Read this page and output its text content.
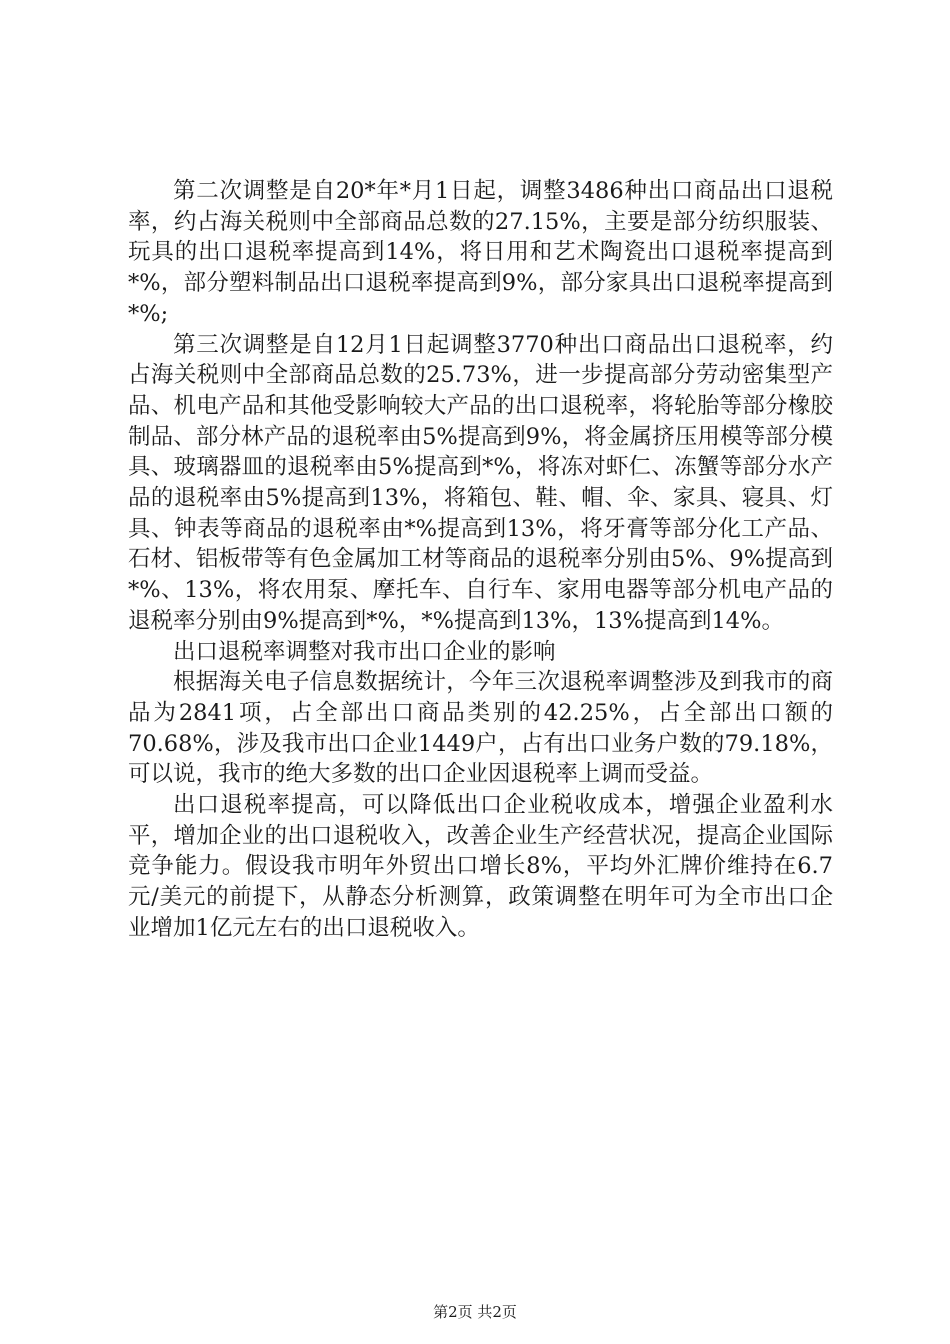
第二次调整是自20*年*月1日起，调整3486种出口商品出口退税率，约占海关税则中全部商品总数的27.15%，主要是部分纺织服装、玩具的出口退税率提高到14%，将日用和艺术陶瓷出口退税率提高到*%，部分塑料制品出口退税率提高到9%，部分家具出口退税率提高到*%;

第三次调整是自12月1日起调整3770种出口商品出口退税率，约占海关税则中全部商品总数的25.73%，进一步提高部分劳动密集型产品、机电产品和其他受影响较大产品的出口退税率，将轮胎等部分橡胶制品、部分林产品的退税率由5%提高到9%，将金属挤压用模等部分模具、玻璃器皿的退税率由5%提高到*%，将冻对虾仁、冻蟹等部分水产品的退税率由5%提高到13%，将箱包、鞋、帽、伞、家具、寝具、灯具、钟表等商品的退税率由*%提高到13%，将牙膏等部分化工产品、石材、铝板带等有色金属加工材等商品的退税率分别由5%、9%提高到*%、13%，将农用泵、摩托车、自行车、家用电器等部分机电产品的退税率分别由9%提高到*%，*%提高到13%，13%提高到14%。

出口退税率调整对我市出口企业的影响

根据海关电子信息数据统计，今年三次退税率调整涉及到我市的商品为2841项，占全部出口商品类别的42.25%，占全部出口额的70.68%，涉及我市出口企业1449户，占有出口业务户数的79.18%，可以说，我市的绝大多数的出口企业因退税率上调而受益。

出口退税率提高，可以降低出口企业税收成本，增强企业盈利水平，增加企业的出口退税收入，改善企业生产经营状况，提高企业国际竞争能力。假设我市明年外贸出口增长8%，平均外汇牌价维持在6.7元/美元的前提下，从静态分析测算，政策调整在明年可为全市出口企业增加1亿元左右的出口退税收入。

第2页 共2页
